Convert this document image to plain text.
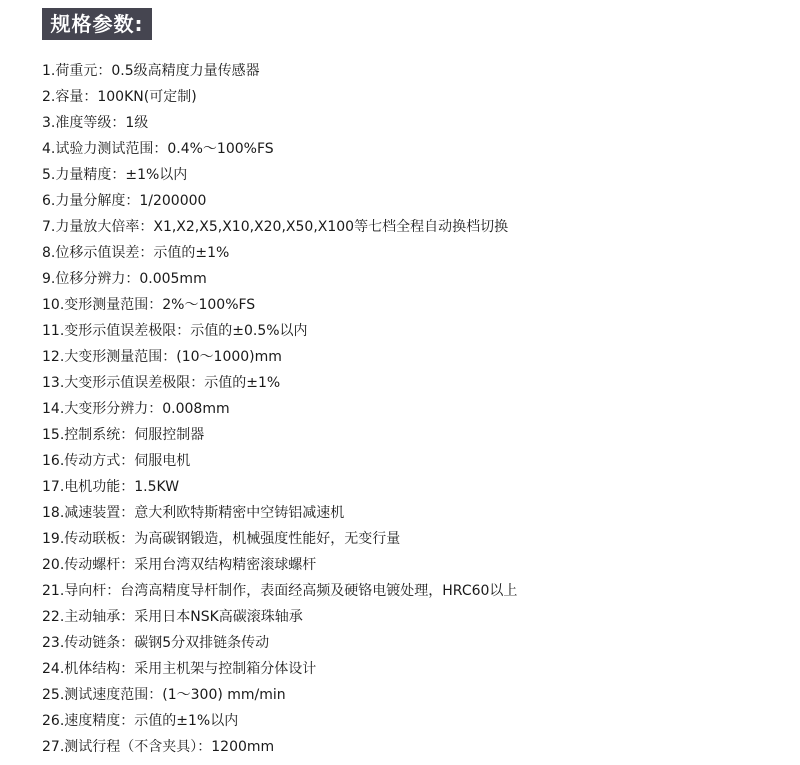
规格参数:
1.荷重元：0.5级高精度力量传感器
2.容量：100KN(可定制)
3.准度等级：1级
4.试验力测试范围：0.4%～100%FS
5.力量精度：±1%以内
6.力量分解度：1/200000
7.力量放大倍率：X1,X2,X5,X10,X20,X50,X100等七档全程自动换档切换
8.位移示值误差：示值的±1%
9.位移分辨力：0.005mm
10.变形测量范围：2%～100%FS
11.变形示值误差极限：示值的±0.5%以内
12.大变形测量范围：(10～1000)mm
13.大变形示值误差极限：示值的±1%
14.大变形分辨力：0.008mm
15.控制系统：伺服控制器
16.传动方式：伺服电机
17.电机功能：1.5KW
18.减速装置：意大利欧特斯精密中空铸铝减速机
19.传动联板：为高碳钢锻造，机械强度性能好，无变行量
20.传动螺杆：采用台湾双结构精密滚球螺杆
21.导向杆：台湾高精度导杆制作，表面经高频及硬铬电镀处理，HRC60以上
22.主动轴承：采用日本NSK高碳滚珠轴承
23.传动链条：碳钢5分双排链条传动
24.机体结构：采用主机架与控制箱分体设计
25.测试速度范围：(1～300) mm/min
26.速度精度：示值的±1%以内
27.测试行程（不含夹具）：1200mm
